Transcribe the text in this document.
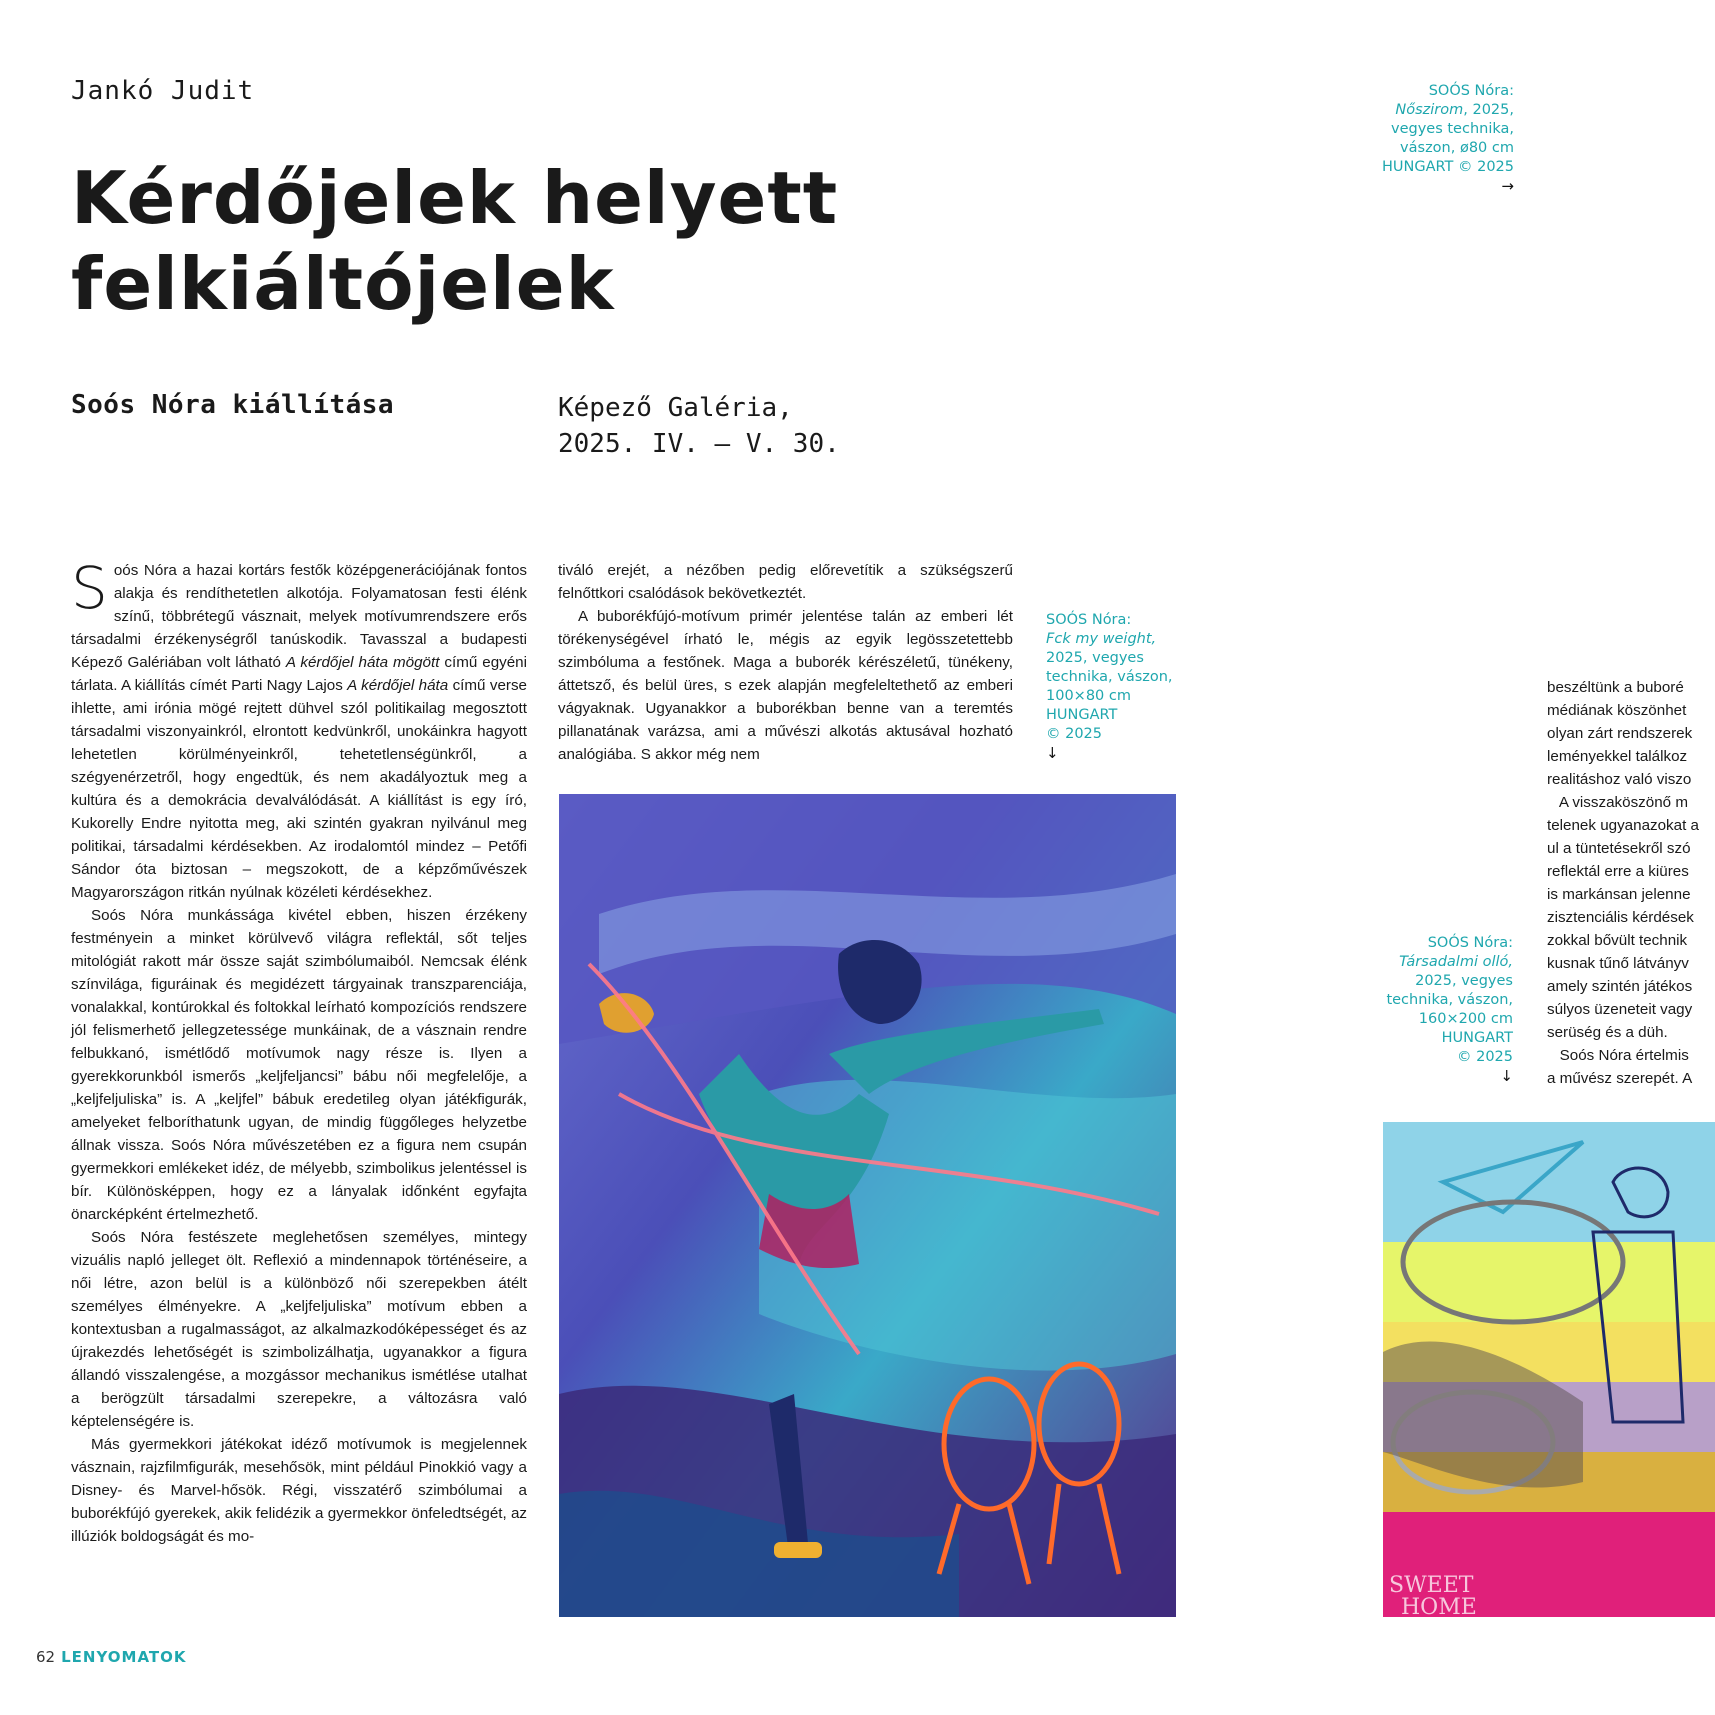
Jankó Judit
Kérdőjelek helyett felkiáltójelek
Soós Nóra kiállítása	Képező Galéria,
2025. IV. – V. 30.
SOÓS Nóra:
Nőszirom, 2025,
vegyes technika,
vászon, ø80 cm
HUNGART © 2025
→
SOÓS Nóra:
Fck my weight,
2025, vegyes
technika, vászon,
100×80 cm
HUNGART
© 2025
↓
SOÓS Nóra:
Társadalmi olló,
2025, vegyes
technika, vászon,
160×200 cm
HUNGART
© 2025
↓

Soós Nóra a hazai kortárs festők középgenerációjának fontos alakja és rendíthetetlen alkotója. Folyamatosan festi élénk színű, többrétegű vásznait, melyek motívumrendszere erős társadalmi érzékenységről tanúskodik. Tavasszal a budapesti Képező Galériában volt látható A kérdőjel háta mögött című egyéni tárlata. A kiállítás címét Parti Nagy Lajos A kérdőjel háta című verse ihlette, ami irónia mögé rejtett dühvel szól politikailag megosztott társadalmi viszonyainkról, elrontott kedvünkről, unokáinkra hagyott lehetetlen körülményeinkről, tehetetlenségünkről, a szégyenérzetről, hogy engedtük, és nem akadályoztuk meg a kultúra és a demokrácia devalválódását. A kiállítást is egy író, Kukorelly Endre nyitotta meg, aki szintén gyakran nyilvánul meg politikai, társadalmi kérdésekben. Az irodalomtól mindez – Petőfi Sándor óta biztosan – megszokott, de a képzőművészek Magyarországon ritkán nyúlnak közéleti kérdésekhez.

Soós Nóra munkássága kivétel ebben, hiszen érzékeny festményein a minket körülvevő világra reflektál, sőt teljes mitológiát rakott már össze saját szimbólumaiból. Nemcsak élénk színvilága, figuráinak és megidézett tárgyainak transzparenciája, vonalakkal, kontúrokkal és foltokkal leírható kompozíciós rendszere jól felismerhető jellegzetessége munkáinak, de a vásznain rendre felbukkanó, ismétlődő motívumok nagy része is. Ilyen a gyerekkorunkból ismerős „keljfeljancsi” bábu női megfelelője, a „keljfeljuliska” is. A „keljfel” bábuk eredetileg olyan játékfigurák, amelyeket felboríthatunk ugyan, de mindig függőleges helyzetbe állnak vissza. Soós Nóra művészetében ez a figura nem csupán gyermekkori emlékeket idéz, de mélyebb, szimbolikus jelentéssel is bír. Különösképpen, hogy ez a lányalak időnként egyfajta önarcképként értelmezhető.

Soós Nóra festészete meglehetősen személyes, mintegy vizuális napló jelleget ölt. Reflexió a mindennapok történéseire, a női létre, azon belül is a különböző női szerepekben átélt személyes élményekre. A „keljfeljuliska” motívum ebben a kontextusban a rugalmasságot, az alkalmazkodóképességet és az újrakezdés lehetőségét is szimbolizálhatja, ugyanakkor a figura állandó visszalengése, a mozgássor mechanikus ismétlése utalhat a berögzült társadalmi szerepekre, a változásra való képtelenségére is.

Más gyermekkori játékokat idéző motívumok is megjelennek vásznain, rajzfilmfigurák, mesehősök, mint például Pinokkió vagy a Disney- és Marvel-hősök. Régi, visszatérő szimbólumai a buborékfújó gyerekek, akik felidézik a gyermekkor önfeledtségét, az illúziók boldogságát és mo-

tiváló erejét, a nézőben pedig előrevetítik a szükségszerű felnőttkori csalódások bekövetkeztét.

A buborékfújó-motívum primér jelentése talán az emberi lét törékenységével írható le, mégis az egyik legösszetettebb szimbóluma a festőnek. Maga a buborék kérészéletű, tünékeny, áttetsző, és belül üres, s ezek alapján megfeleltethető az emberi vágyaknak. Ugyanakkor a buborékban benne van a teremtés pillanatának varázsa, ami a művészi alkotás aktusával hozható analógiába. S akkor még nem

beszéltünk a buboré
médiának köszönhet
olyan zárt rendszerek
leményekkel találkoz
realitáshoz való viszo
A visszaköszönő m
telenek ugyanazokat a
ul a tüntetésekről szó
reflektál erre a kiüres
is markánsan jelenne
zisztenciális kérdések
zokkal bővült technik
kusnak tűnő látványv
amely szintén játékos
súlyos üzeneteit vagy
serüség és a düh.
Soós Nóra értelmis
a művész szerepét. A
SWEET
HOME
62 LENYOMATOK
